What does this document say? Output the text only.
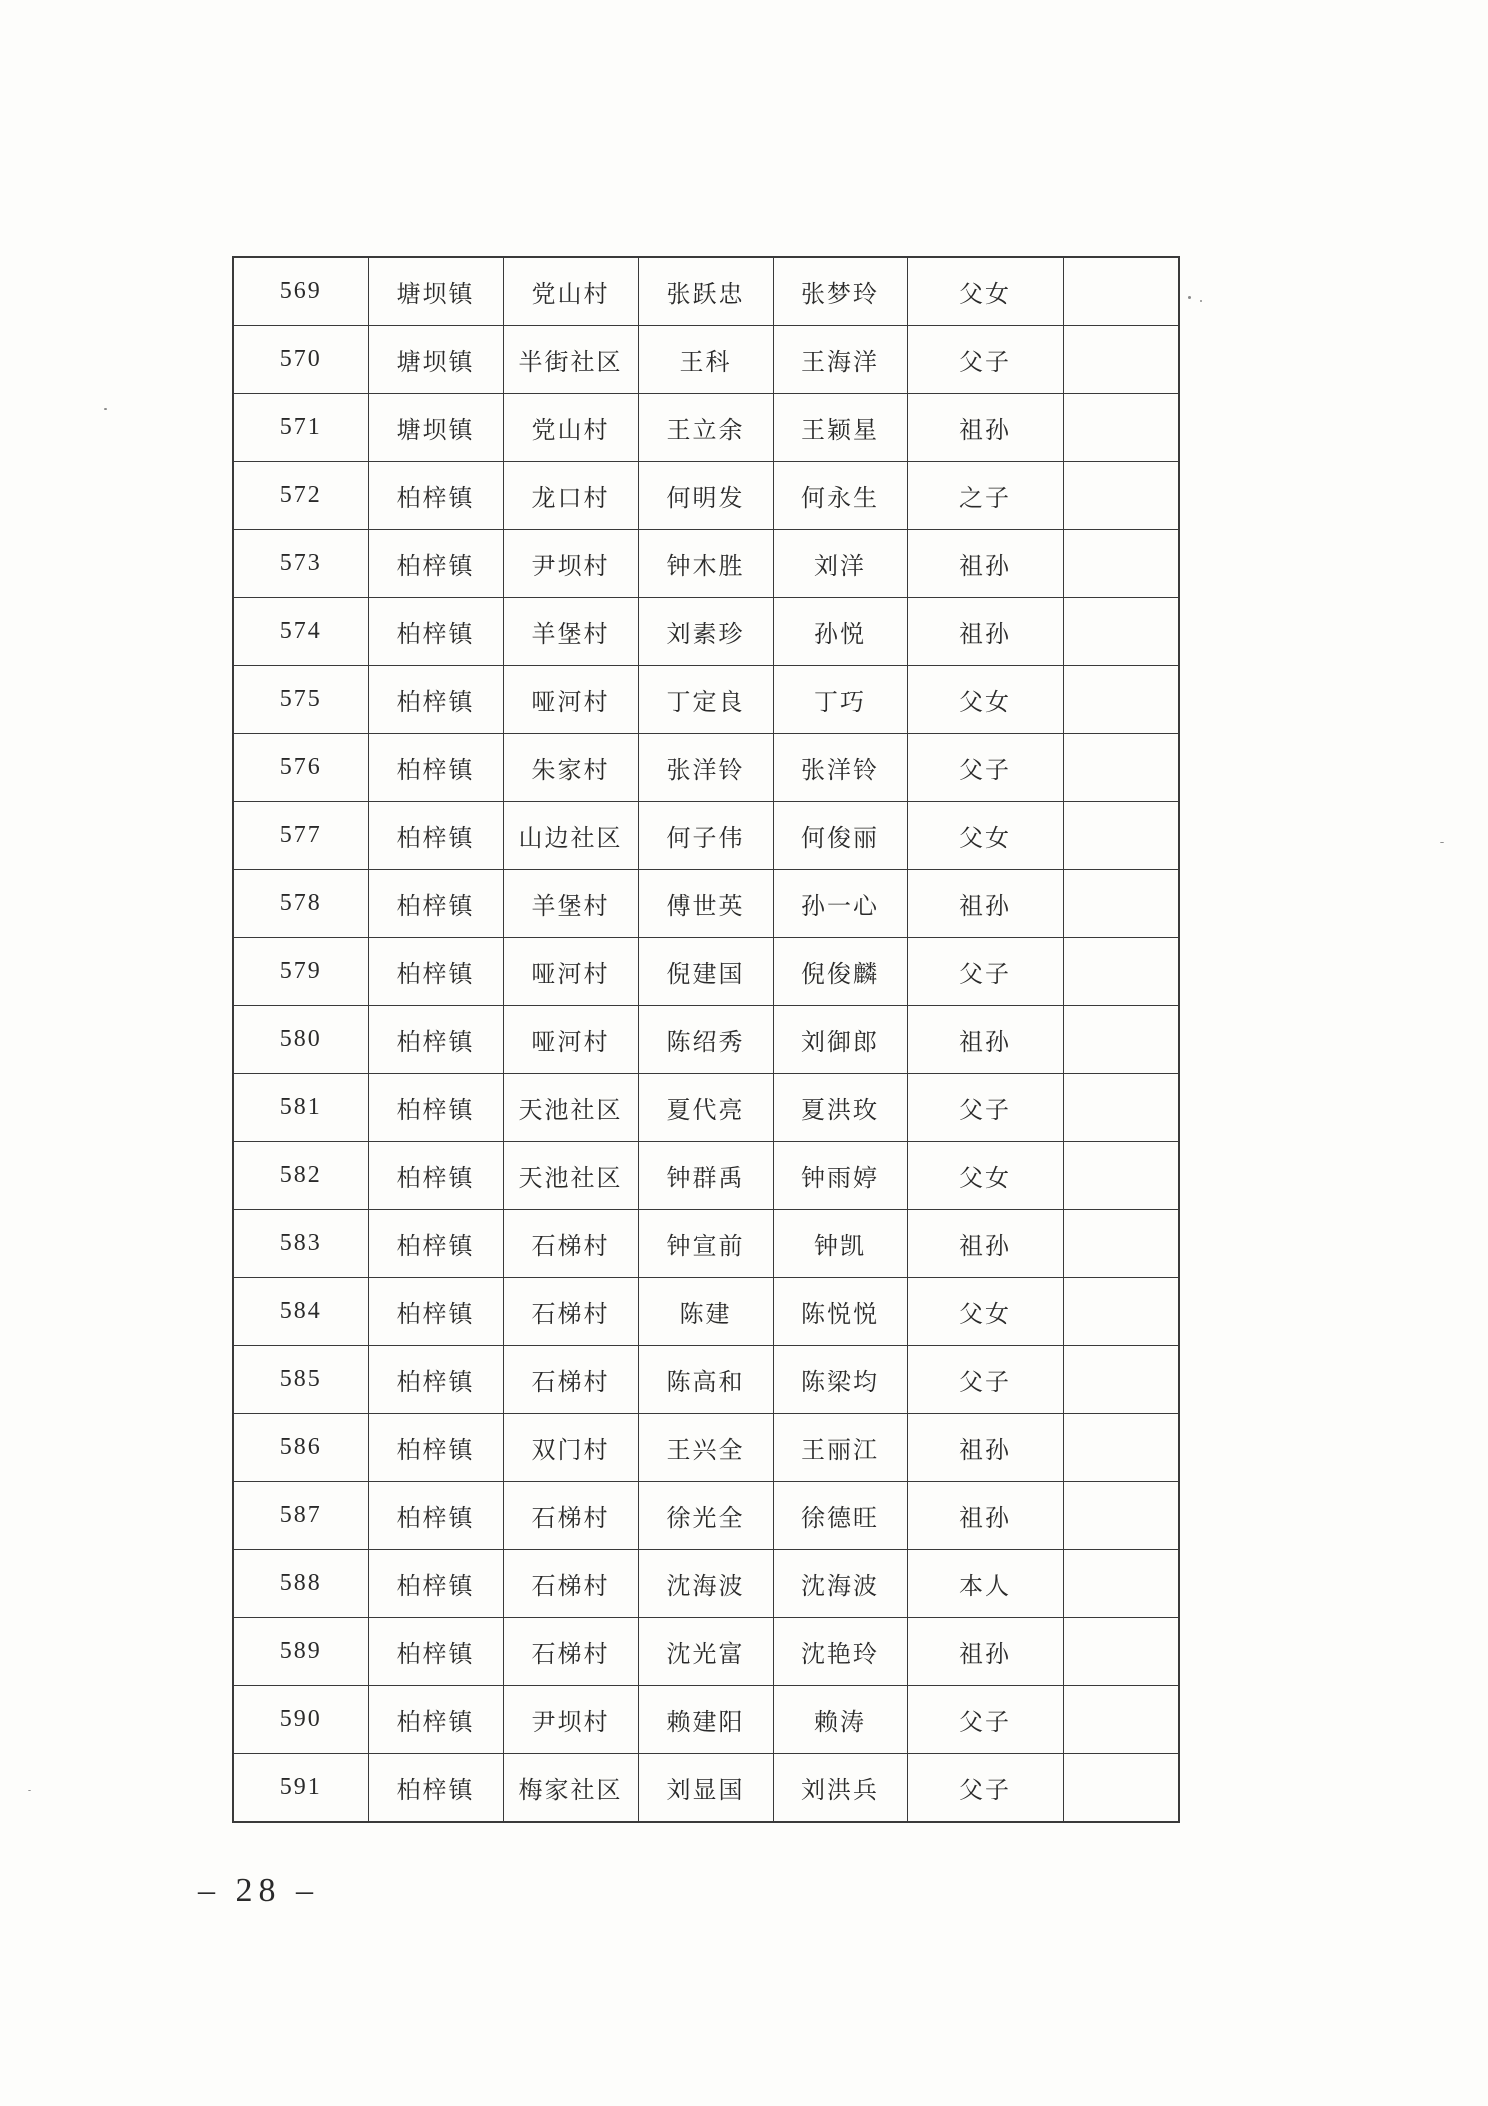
569	塘坝镇	党山村	张跃忠	张梦玲	父女	
570	塘坝镇	半街社区	王科	王海洋	父子	
571	塘坝镇	党山村	王立余	王颖星	祖孙	
572	柏梓镇	龙口村	何明发	何永生	之子	
573	柏梓镇	尹坝村	钟木胜	刘洋	祖孙	
574	柏梓镇	羊堡村	刘素珍	孙悦	祖孙	
575	柏梓镇	哑河村	丁定良	丁巧	父女	
576	柏梓镇	朱家村	张洋铃	张洋铃	父子	
577	柏梓镇	山边社区	何子伟	何俊丽	父女	
578	柏梓镇	羊堡村	傅世英	孙一心	祖孙	
579	柏梓镇	哑河村	倪建国	倪俊麟	父子	
580	柏梓镇	哑河村	陈绍秀	刘御郎	祖孙	
581	柏梓镇	天池社区	夏代亮	夏洪玫	父子	
582	柏梓镇	天池社区	钟群禹	钟雨婷	父女	
583	柏梓镇	石梯村	钟宣前	钟凯	祖孙	
584	柏梓镇	石梯村	陈建	陈悦悦	父女	
585	柏梓镇	石梯村	陈高和	陈梁均	父子	
586	柏梓镇	双门村	王兴全	王丽江	祖孙	
587	柏梓镇	石梯村	徐光全	徐德旺	祖孙	
588	柏梓镇	石梯村	沈海波	沈海波	本人	
589	柏梓镇	石梯村	沈光富	沈艳玲	祖孙	
590	柏梓镇	尹坝村	赖建阳	赖涛	父子	
591	柏梓镇	梅家社区	刘显国	刘洪兵	父子	
– 28 –
